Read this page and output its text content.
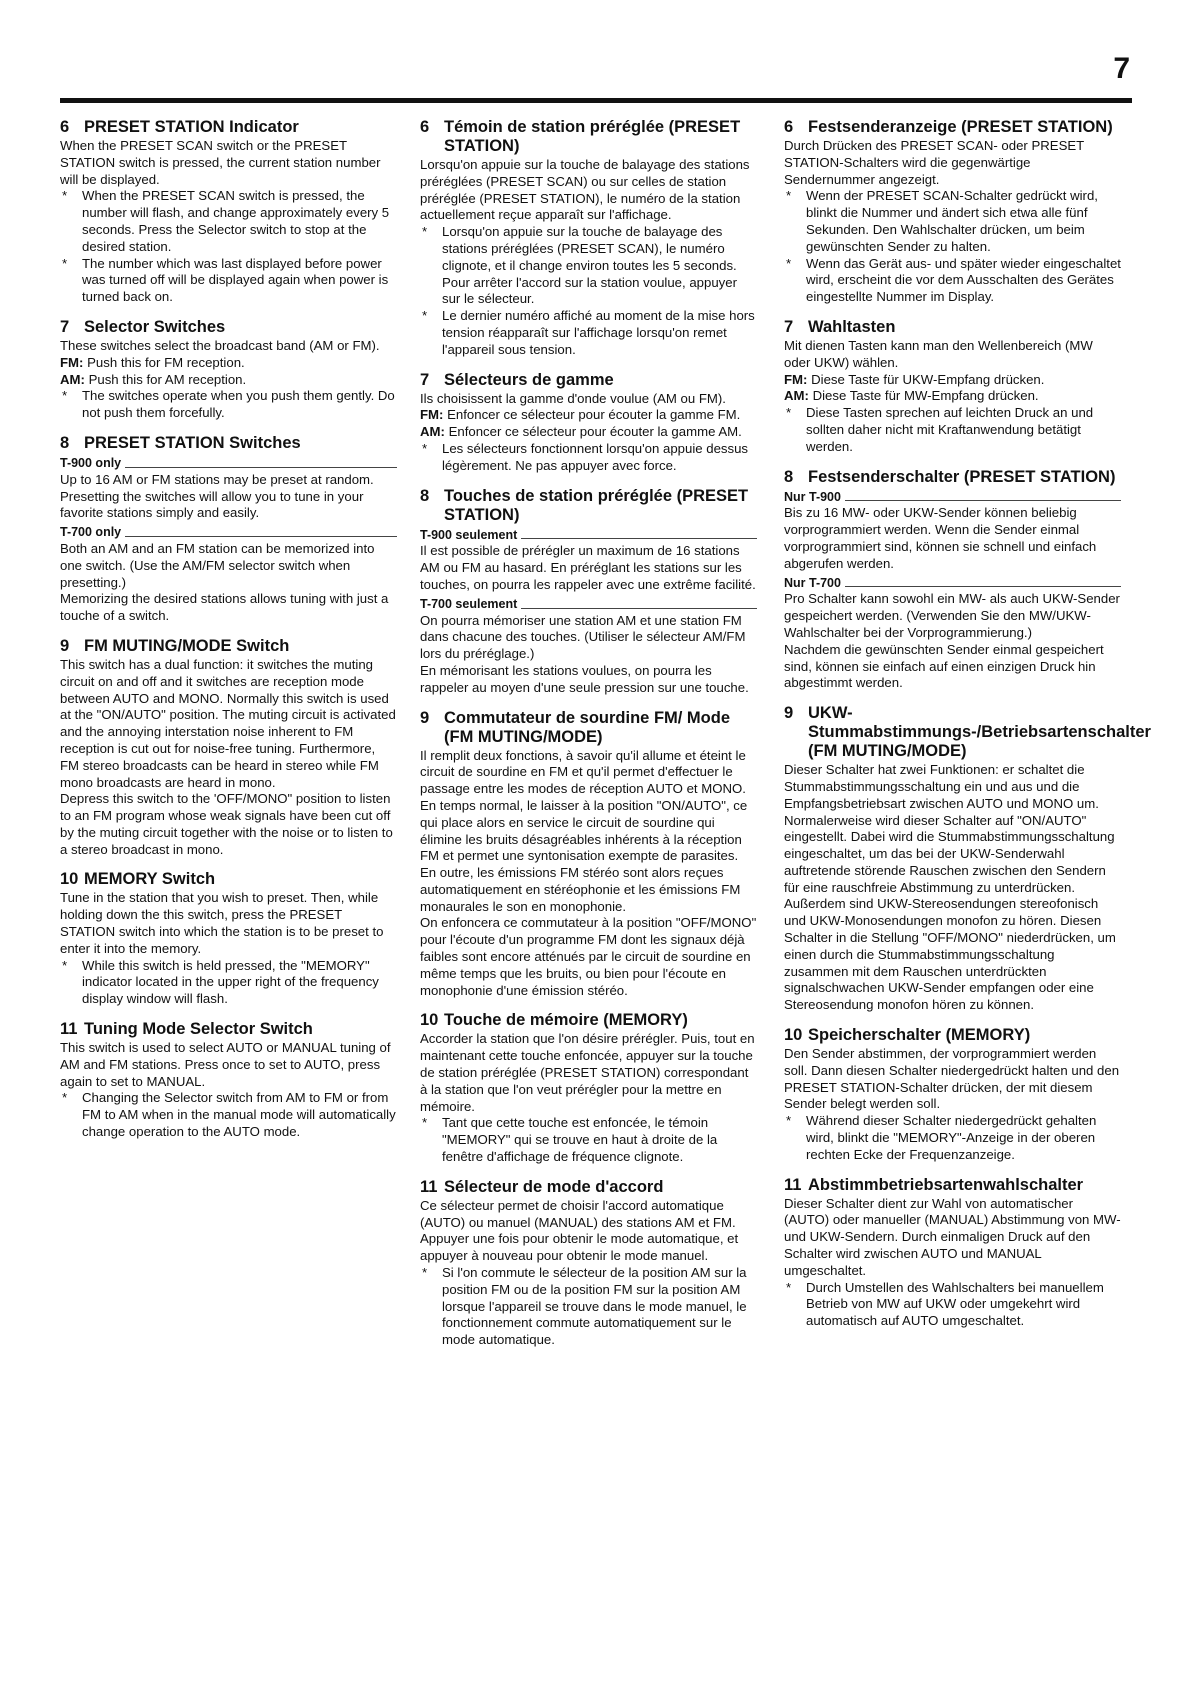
7
6 PRESET STATION Indicator

When the PRESET SCAN switch or the PRESET STATION switch is pressed, the current station number will be displayed.

*	When the PRESET SCAN switch is pressed, the number will flash, and change approximately every 5 seconds. Press the Selector switch to stop at the desired station.
*	The number which was last displayed before power was turned off will be displayed again when power is turned back on.
7 Selector Switches

These switches select the broadcast band (AM or FM).

FM: Push this for FM reception.

AM: Push this for AM reception.

*	The switches operate when you push them gently. Do not push them forcefully.
8 PRESET STATION Switches
T-900 only

Up to 16 AM or FM stations may be preset at random. Presetting the switches will allow you to tune in your favorite stations simply and easily.

T-700 only

Both an AM and an FM station can be memorized into one switch. (Use the AM/FM selector switch when presetting.)

Memorizing the desired stations allows tuning with just a touche of a switch.

9 FM MUTING/MODE Switch

This switch has a dual function: it switches the muting circuit on and off and it switches are reception mode between AUTO and MONO. Normally this switch is used at the "ON/AUTO" position. The muting circuit is activated and the annoying interstation noise inherent to FM reception is cut out for noise-free tuning. Furthermore, FM stereo broadcasts can be heard in stereo while FM mono broadcasts are heard in mono.

Depress this switch to the 'OFF/MONO" position to listen to an FM program whose weak signals have been cut off by the muting circuit together with the noise or to listen to a stereo broadcast in mono.

10 MEMORY Switch

Tune in the station that you wish to preset. Then, while holding down the this switch, press the PRESET STATION switch into which the station is to be preset to enter it into the memory.

*	While this switch is held pressed, the "MEMORY" indicator located in the upper right of the frequency display window will flash.
11 Tuning Mode Selector Switch

This switch is used to select AUTO or MANUAL tuning of AM and FM stations. Press once to set to AUTO, press again to set to MANUAL.

*	Changing the Selector switch from AM to FM or from FM to AM when in the manual mode will automatically change operation to the AUTO mode.
6 Témoin de station préréglée (PRESET STATION)

Lorsqu'on appuie sur la touche de balayage des stations préréglées (PRESET SCAN) ou sur celles de station préréglée (PRESET STATION), le numéro de la station actuellement reçue apparaît sur l'affichage.

*	Lorsqu'on appuie sur la touche de balayage des stations préréglées (PRESET SCAN), le numéro clignote, et il change environ toutes les 5 seconds. Pour arrêter l'accord sur la station voulue, appuyer sur le sélecteur.
*	Le dernier numéro affiché au moment de la mise hors tension réapparaît sur l'affichage lorsqu'on remet l'appareil sous tension.
7 Sélecteurs de gamme

Ils choisissent la gamme d'onde voulue (AM ou FM).

FM: Enfoncer ce sélecteur pour écouter la gamme FM.

AM: Enfoncer ce sélecteur pour écouter la gamme AM.

*	Les sélecteurs fonctionnent lorsqu'on appuie dessus légèrement. Ne pas appuyer avec force.
8 Touches de station préréglée (PRESET STATION)
T-900 seulement

Il est possible de prérégler un maximum de 16 stations AM ou FM au hasard. En préréglant les stations sur les touches, on pourra les rappeler avec une extrême facilité.

T-700 seulement

On pourra mémoriser une station AM et une station FM dans chacune des touches. (Utiliser le sélecteur AM/FM lors du préréglage.)

En mémorisant les stations voulues, on pourra les rappeler au moyen d'une seule pression sur une touche.

9 Commutateur de sourdine FM/ Mode (FM MUTING/MODE)

Il remplit deux fonctions, à savoir qu'il allume et éteint le circuit de sourdine en FM et qu'il permet d'effectuer le passage entre les modes de réception AUTO et MONO. En temps normal, le laisser à la position "ON/AUTO", ce qui place alors en service le circuit de sourdine qui élimine les bruits désagréables inhérents à la réception FM et permet une syntonisation exempte de parasites. En outre, les émissions FM stéréo sont alors reçues automatiquement en stéréophonie et les émissions FM monaurales le son en monophonie.

On enfoncera ce commutateur à la position "OFF/MONO" pour l'écoute d'un programme FM dont les signaux déjà faibles sont encore atténués par le circuit de sourdine en même temps que les bruits, ou bien pour l'écoute en monophonie d'une émission stéréo.

10 Touche de mémoire (MEMORY)

Accorder la station que l'on désire prérégler. Puis, tout en maintenant cette touche enfoncée, appuyer sur la touche de station préréglée (PRESET STATION) correspondant à la station que l'on veut prérégler pour la mettre en mémoire.

*	Tant que cette touche est enfoncée, le témoin "MEMORY" qui se trouve en haut à droite de la fenêtre d'affichage de fréquence clignote.
11 Sélecteur de mode d'accord

Ce sélecteur permet de choisir l'accord automatique (AUTO) ou manuel (MANUAL) des stations AM et FM. Appuyer une fois pour obtenir le mode automatique, et appuyer à nouveau pour obtenir le mode manuel.

*	Si l'on commute le sélecteur de la position AM sur la position FM ou de la position FM sur la position AM lorsque l'appareil se trouve dans le mode manuel, le fonctionnement commute automatiquement sur le mode automatique.
6 Festsenderanzeige (PRESET STATION)

Durch Drücken des PRESET SCAN- oder PRESET STATION-Schalters wird die gegenwärtige Sendernummer angezeigt.

*	Wenn der PRESET SCAN-Schalter gedrückt wird, blinkt die Nummer und ändert sich etwa alle fünf Sekunden. Den Wahlschalter drücken, um beim gewünschten Sender zu halten.
*	Wenn das Gerät aus- und später wieder eingeschaltet wird, erscheint die vor dem Ausschalten des Gerätes eingestellte Nummer im Display.
7 Wahltasten

Mit dienen Tasten kann man den Wellenbereich (MW oder UKW) wählen.

FM: Diese Taste für UKW-Empfang drücken.

AM: Diese Taste für MW-Empfang drücken.

*	Diese Tasten sprechen auf leichten Druck an und sollten daher nicht mit Kraftanwendung betätigt werden.
8 Festsenderschalter (PRESET STATION)
Nur T-900

Bis zu 16 MW- oder UKW-Sender können beliebig vorprogrammiert werden. Wenn die Sender einmal vorprogrammiert sind, können sie schnell und einfach abgerufen werden.

Nur T-700

Pro Schalter kann sowohl ein MW- als auch UKW-Sender gespeichert werden. (Verwenden Sie den MW/UKW-Wahlschalter bei der Vorprogrammierung.)

Nachdem die gewünschten Sender einmal gespeichert sind, können sie einfach auf einen einzigen Druck hin abgestimmt werden.

9 UKW-Stummabstimmungs-/Betriebsartenschalter (FM MUTING/MODE)

Dieser Schalter hat zwei Funktionen: er schaltet die Stummabstimmungsschaltung ein und aus und die Empfangsbetriebsart zwischen AUTO und MONO um.

Normalerweise wird dieser Schalter auf "ON/AUTO" eingestellt. Dabei wird die Stummabstimmungsschaltung eingeschaltet, um das bei der UKW-Senderwahl auftretende störende Rauschen zwischen den Sendern für eine rauschfreie Abstimmung zu unterdrücken. Außerdem sind UKW-Stereosendungen stereofonisch und UKW-Monosendungen monofon zu hören. Diesen Schalter in die Stellung "OFF/MONO" niederdrücken, um einen durch die Stummabstimmungsschaltung zusammen mit dem Rauschen unterdrückten signalschwachen UKW-Sender empfangen oder eine Stereosendung monofon hören zu können.

10 Speicherschalter (MEMORY)

Den Sender abstimmen, der vorprogrammiert werden soll. Dann diesen Schalter niedergedrückt halten und den PRESET STATION-Schalter drücken, der mit diesem Sender belegt werden soll.

*	Während dieser Schalter niedergedrückt gehalten wird, blinkt die "MEMORY"-Anzeige in der oberen rechten Ecke der Frequenzanzeige.
11 Abstimmbetriebsartenwahlschalter

Dieser Schalter dient zur Wahl von automatischer (AUTO) oder manueller (MANUAL) Abstimmung von MW- und UKW-Sendern. Durch einmaligen Druck auf den Schalter wird zwischen AUTO und MANUAL umgeschaltet.

*	Durch Umstellen des Wahlschalters bei manuellem Betrieb von MW auf UKW oder umgekehrt wird automatisch auf AUTO umgeschaltet.
